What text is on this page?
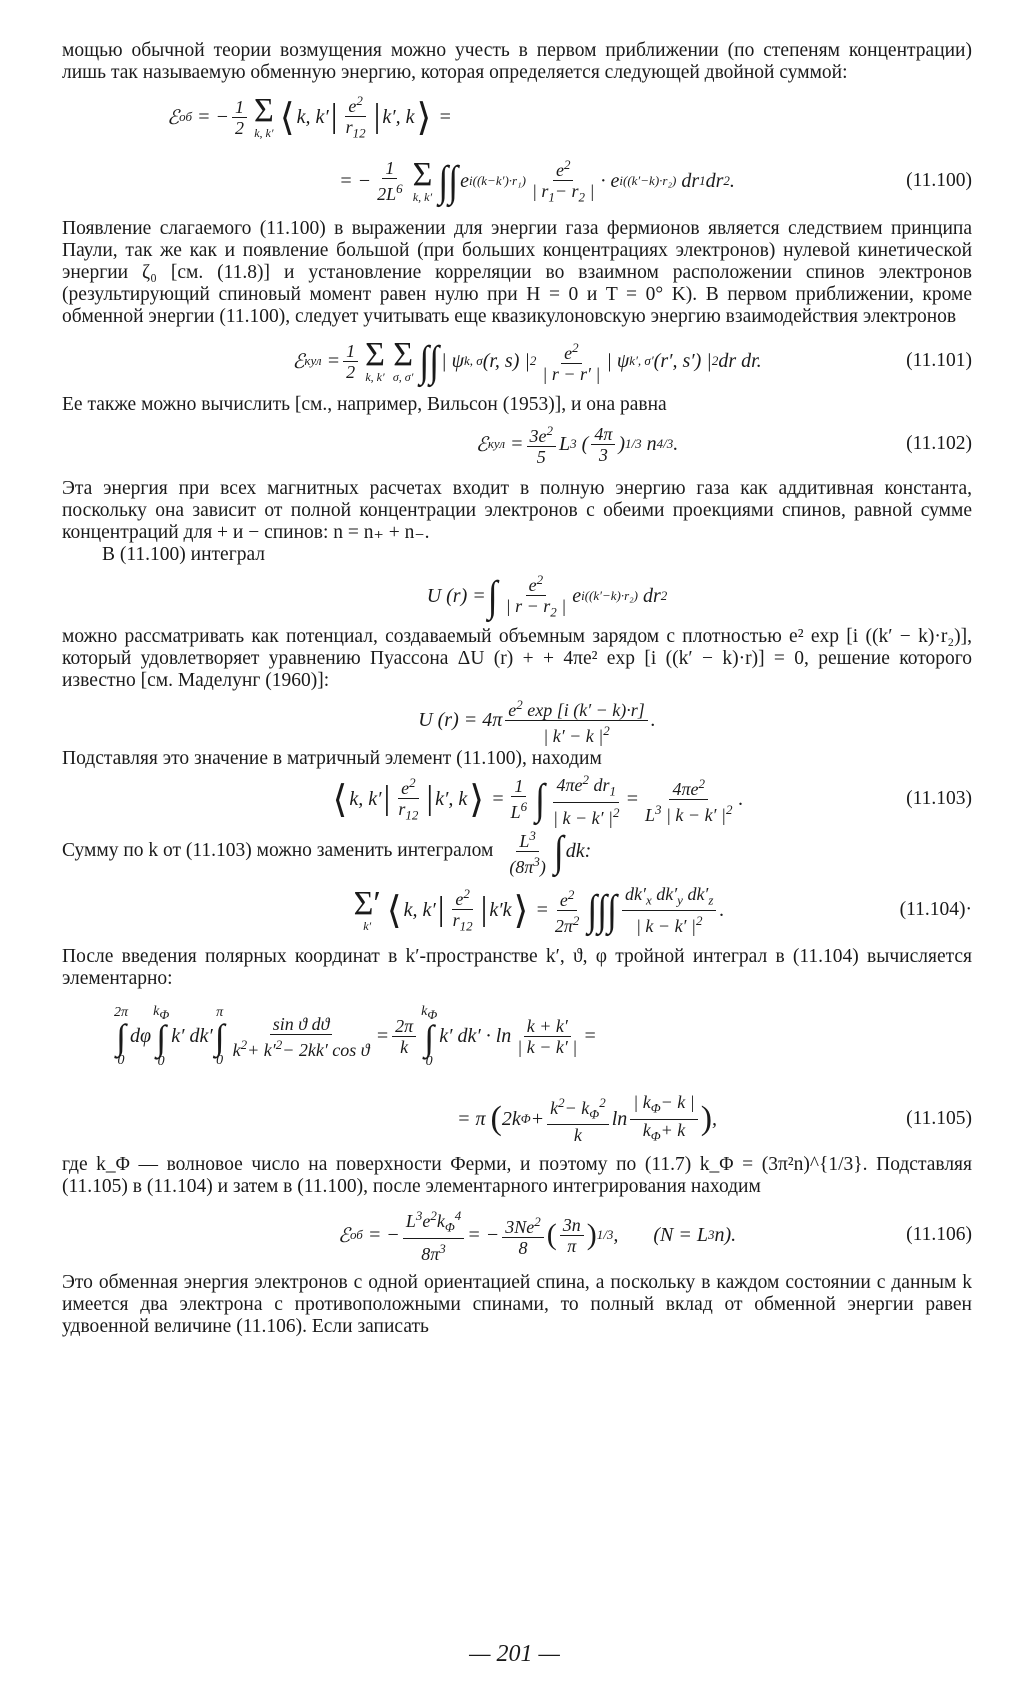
мощью обычной теории возмущения можно учесть в первом приближении (по степеням концентрации) лишь так называемую обменную энергию, которая определяется следующей двойной суммой:

ℰ об = − $\frac{1}{2}$ Σ
k, k′ ⟨ k, k′ | $\frac{e^2}{r_{12}}$ | k′, k ⟩ =
= − $\frac{1}{2L^6}$ Σ
k, k′ ∫∫ e $i((k-k')\cdot r_1) \frac{e^2}{| r_1- r_2 |} \cdot e$ i((k′−k)·r₂) dr 1 dr 2 .	(11.100)

Появление слагаемого (11.100) в выражении для энергии газа фермионов является следствием принципа Паули, так же как и появление большой (при больших концентрациях электронов) нулевой кинетической энергии ζ₀ [см. (11.8)] и установление корреляции во взаимном расположении спинов электронов (результирующий спиновый момент равен нулю при H = 0 и T = 0° K). В первом приближении, кроме обменной энергии (11.100), следует учитывать еще квазикулоновскую энергию взаимодействия электронов

ℰ кул = $\frac{1}{2}$ Σ
k, k′
Σ
σ, σ′ ∫∫ | ψ k, σ (r, s) | $2 \frac{e^2}{| r - r' |}$ | ψ k′, σ′ (r′, s′) | 2 dr dr.	(11.101)

Ее также можно вычислить [см., например, Вильсон (1953)], и она равна

ℰ кул = $\frac{3e^2}{5}$ L 3 ( $\frac{4\pi}{3}$ ) 1/3 n 4/3 .	(11.102)

Эта энергия при всех магнитных расчетах входит в полную энергию газа как аддитивная константа, поскольку она зависит от полной концентрации электронов с обеими проекциями спинов, равной сумме концентраций для + и − спинов: n = n₊ + n₋.

В (11.100) интеграл

U (r) = ∫ $\frac{e^2}{| r - r_2 |}$ e i((k′−k)·r₂) dr 2

можно рассматривать как потенциал, создаваемый объемным зарядом с плотностью e² exp [i ((k′ − k)·r₂)], который удовлетворяет уравнению Пуассона ΔU (r) + + 4πe² exp [i ((k′ − k)·r)] = 0, решение которого известно [см. Маделунг (1960)]:

U $(r) = 4\pi \frac{e^2 \exp [i (k' - k)\cdot r]}{| k' - k |^2}$ .

Подставляя это значение в матричный элемент (11.100), находим

⟨ k, k′ | $\frac{e^2}{r_{12}}$ | k′, k ⟩ = $\frac{1}{L^6}$ ∫ $\frac{4\pi e^2 dr_1}{| k - k' |^2} = \frac{4\pi e^2}{L^3 | k - k' |^2}$ .	(11.103)
Сумму по k от (11.103) можно заменить интегралом $\frac{L^3}{(8\pi^3)}$ ∫ dk:
Σ′
k′ ⟨ k, k′ | $\frac{e^2}{r_{12}}$ | k′k ⟩ = $\frac{e^2}{2\pi^2}$ ∫∫∫ $\frac{dk'_x dk'_y dk'_z}{| k - k' |^2}$ .	(11.104)·

После введения полярных координат в k′-пространстве k′, ϑ, φ тройной интеграл в (11.104) вычисляется элементарно:

2π
∫
0
dφ
kΦ
∫
0
k′ dk′
π
∫
0
$\frac{\text{sin ϑ dϑ}}{k^2+ k'^2- 2kk' \cos ϑ} = \frac{2\pi}{k}$
kΦ
∫
0
k′ $dk' \cdot \ln \frac{k + k'}{| k - k' |}$ =
= π ( 2k $\Phi + \frac{k^2- k_\Phi^2}{k}$ $\ln \frac{| k_\Phi- k |}{k_\Phi+ k}$ ) ,	(11.105)

где k_Φ — волновое число на поверхности Ферми, и поэтому по (11.7) k_Φ = (3π²n)^{1/3}. Подставляя (11.105) в (11.104) и затем в (11.100), после элементарного интегрирования находим

ℰ об = − $\frac{L^3e^2k_\Phi^4}{8\pi^3}$ = − $\frac{3Ne^2}{8}$ ( $\frac{3n}{\pi}$ ) 1/3 ,       (N = L 3 n).	(11.106)

Это обменная энергия электронов с одной ориентацией спина, а поскольку в каждом состоянии с данным k имеется два электрона с противоположными спинами, то полный вклад от обменной энергии равен удвоенной величине (11.106). Если записать

— 201 —
